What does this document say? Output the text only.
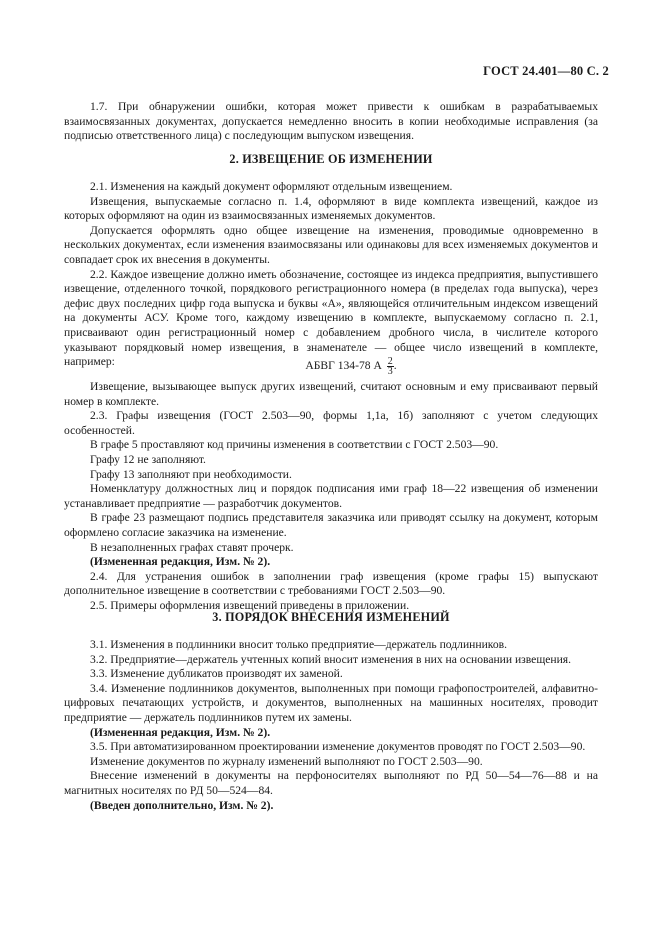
ГОСТ 24.401—80 С. 2

1.7. При обнаружении ошибки, которая может привести к ошибкам в разрабатываемых взаимосвязанных документах, допускается немедленно вносить в копии необходимые исправления (за подписью ответственного лица) с последующим выпуском извещения.

2. ИЗВЕЩЕНИЕ ОБ ИЗМЕНЕНИИ

2.1. Изменения на каждый документ оформляют отдельным извещением.

Извещения, выпускаемые согласно п. 1.4, оформляют в виде комплекта извещений, каждое из которых оформляют на один из взаимосвязанных изменяемых документов.

Допускается оформлять одно общее извещение на изменения, проводимые одновременно в нескольких документах, если изменения взаимосвязаны или одинаковы для всех изменяемых документов и совпадает срок их внесения в документы.

2.2. Каждое извещение должно иметь обозначение, состоящее из индекса предприятия, выпустившего извещение, отделенного точкой, порядкового регистрационного номера (в пределах года выпуска), через дефис двух последних цифр года выпуска и буквы «А», являющейся отличительным индексом извещений на документы АСУ. Кроме того, каждому извещению в комплекте, выпускаемому согласно п. 2.1, присваивают один регистрационный номер с добавлением дробного числа, в числителе которого указывают порядковый номер извещения, в знаменателе — общее число извещений в комплекте, например:	АБВГ 134-78 А $\frac{2}{3}$ .

Извещение, вызывающее выпуск других извещений, считают основным и ему присваивают первый номер в комплекте.

2.3. Графы извещения (ГОСТ 2.503—90, формы 1,1а, 1б) заполняют с учетом следующих особенностей.

В графе 5 проставляют код причины изменения в соответствии с ГОСТ 2.503—90.

Графу 12 не заполняют.

Графу 13 заполняют при необходимости.

Номенклатуру должностных лиц и порядок подписания ими граф 18—22 извещения об изменении устанавливает предприятие — разработчик документов.

В графе 23 размещают подпись представителя заказчика или приводят ссылку на документ, которым оформлено согласие заказчика на изменение.

В незаполненных графах ставят прочерк.

(Измененная редакция, Изм. № 2).

2.4. Для устранения ошибок в заполнении граф извещения (кроме графы 15) выпускают дополнительное извещение в соответствии с требованиями ГОСТ 2.503—90.

2.5. Примеры оформления извещений приведены в приложении.

3. ПОРЯДОК ВНЕСЕНИЯ ИЗМЕНЕНИЙ

3.1. Изменения в подлинники вносит только предприятие—держатель подлинников.

3.2. Предприятие—держатель учтенных копий вносит изменения в них на основании извещения.

3.3. Изменение дубликатов производят их заменой.

3.4. Изменение подлинников документов, выполненных при помощи графопостроителей, алфавитно-цифровых печатающих устройств, и документов, выполненных на машинных носителях, проводит предприятие — держатель подлинников путем их замены.

(Измененная редакция, Изм. № 2).

3.5. При автоматизированном проектировании изменение документов проводят по ГОСТ 2.503—90.

Изменение документов по журналу изменений выполняют по ГОСТ 2.503—90.

Внесение изменений в документы на перфоносителях выполняют по РД 50—54—76—88 и на магнитных носителях по РД 50—524—84.

(Введен дополнительно, Изм. № 2).
